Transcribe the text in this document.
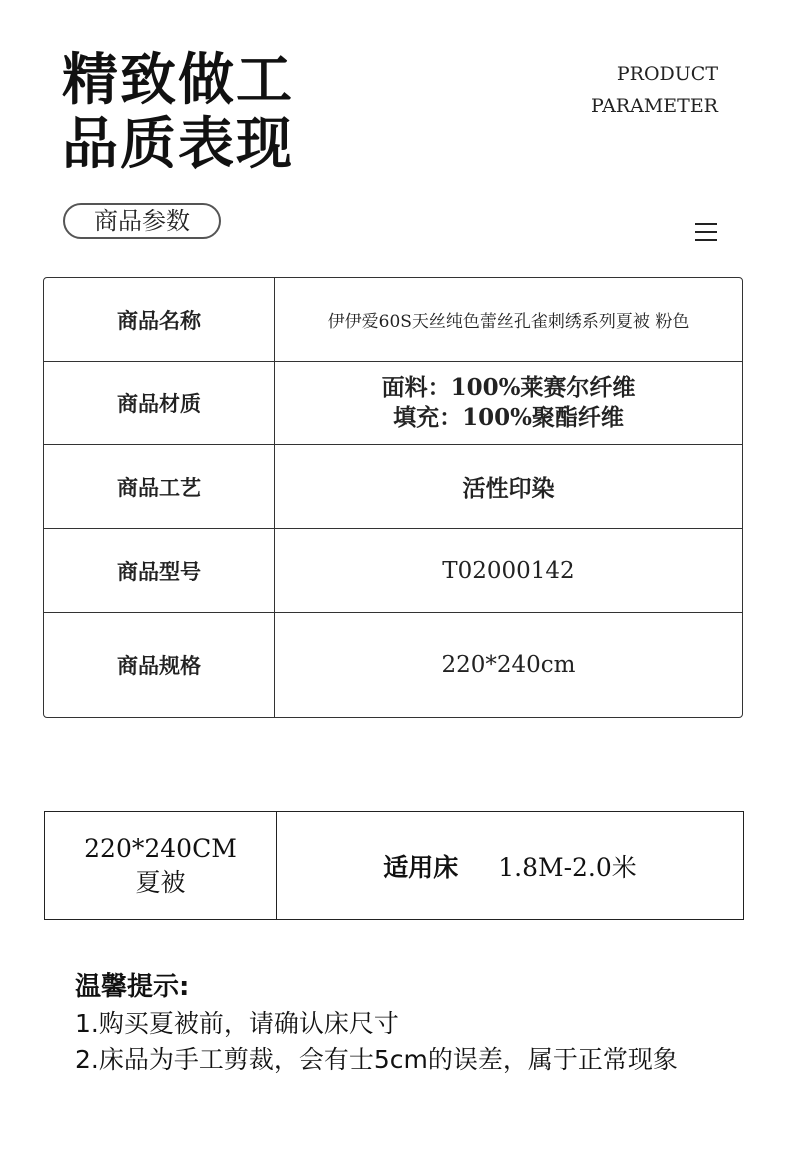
精致做工
品质表现
PRODUCT
PARAMETER
商品参数
商品名称	伊伊爱60S天丝纯色蕾丝孔雀刺绣系列夏被 粉色
商品材质	面料：100%莱赛尔纤维
填充：100%聚酯纤维

商品工艺	活性印染
商品型号	T02000142
商品规格	220*240cm
220*240CM
夏被
	适用床 1.8M-2.0米
温馨提示:
1.购买夏被前，请确认床尺寸
2.床品为手工剪裁，会有士5cm的误差，属于正常现象
